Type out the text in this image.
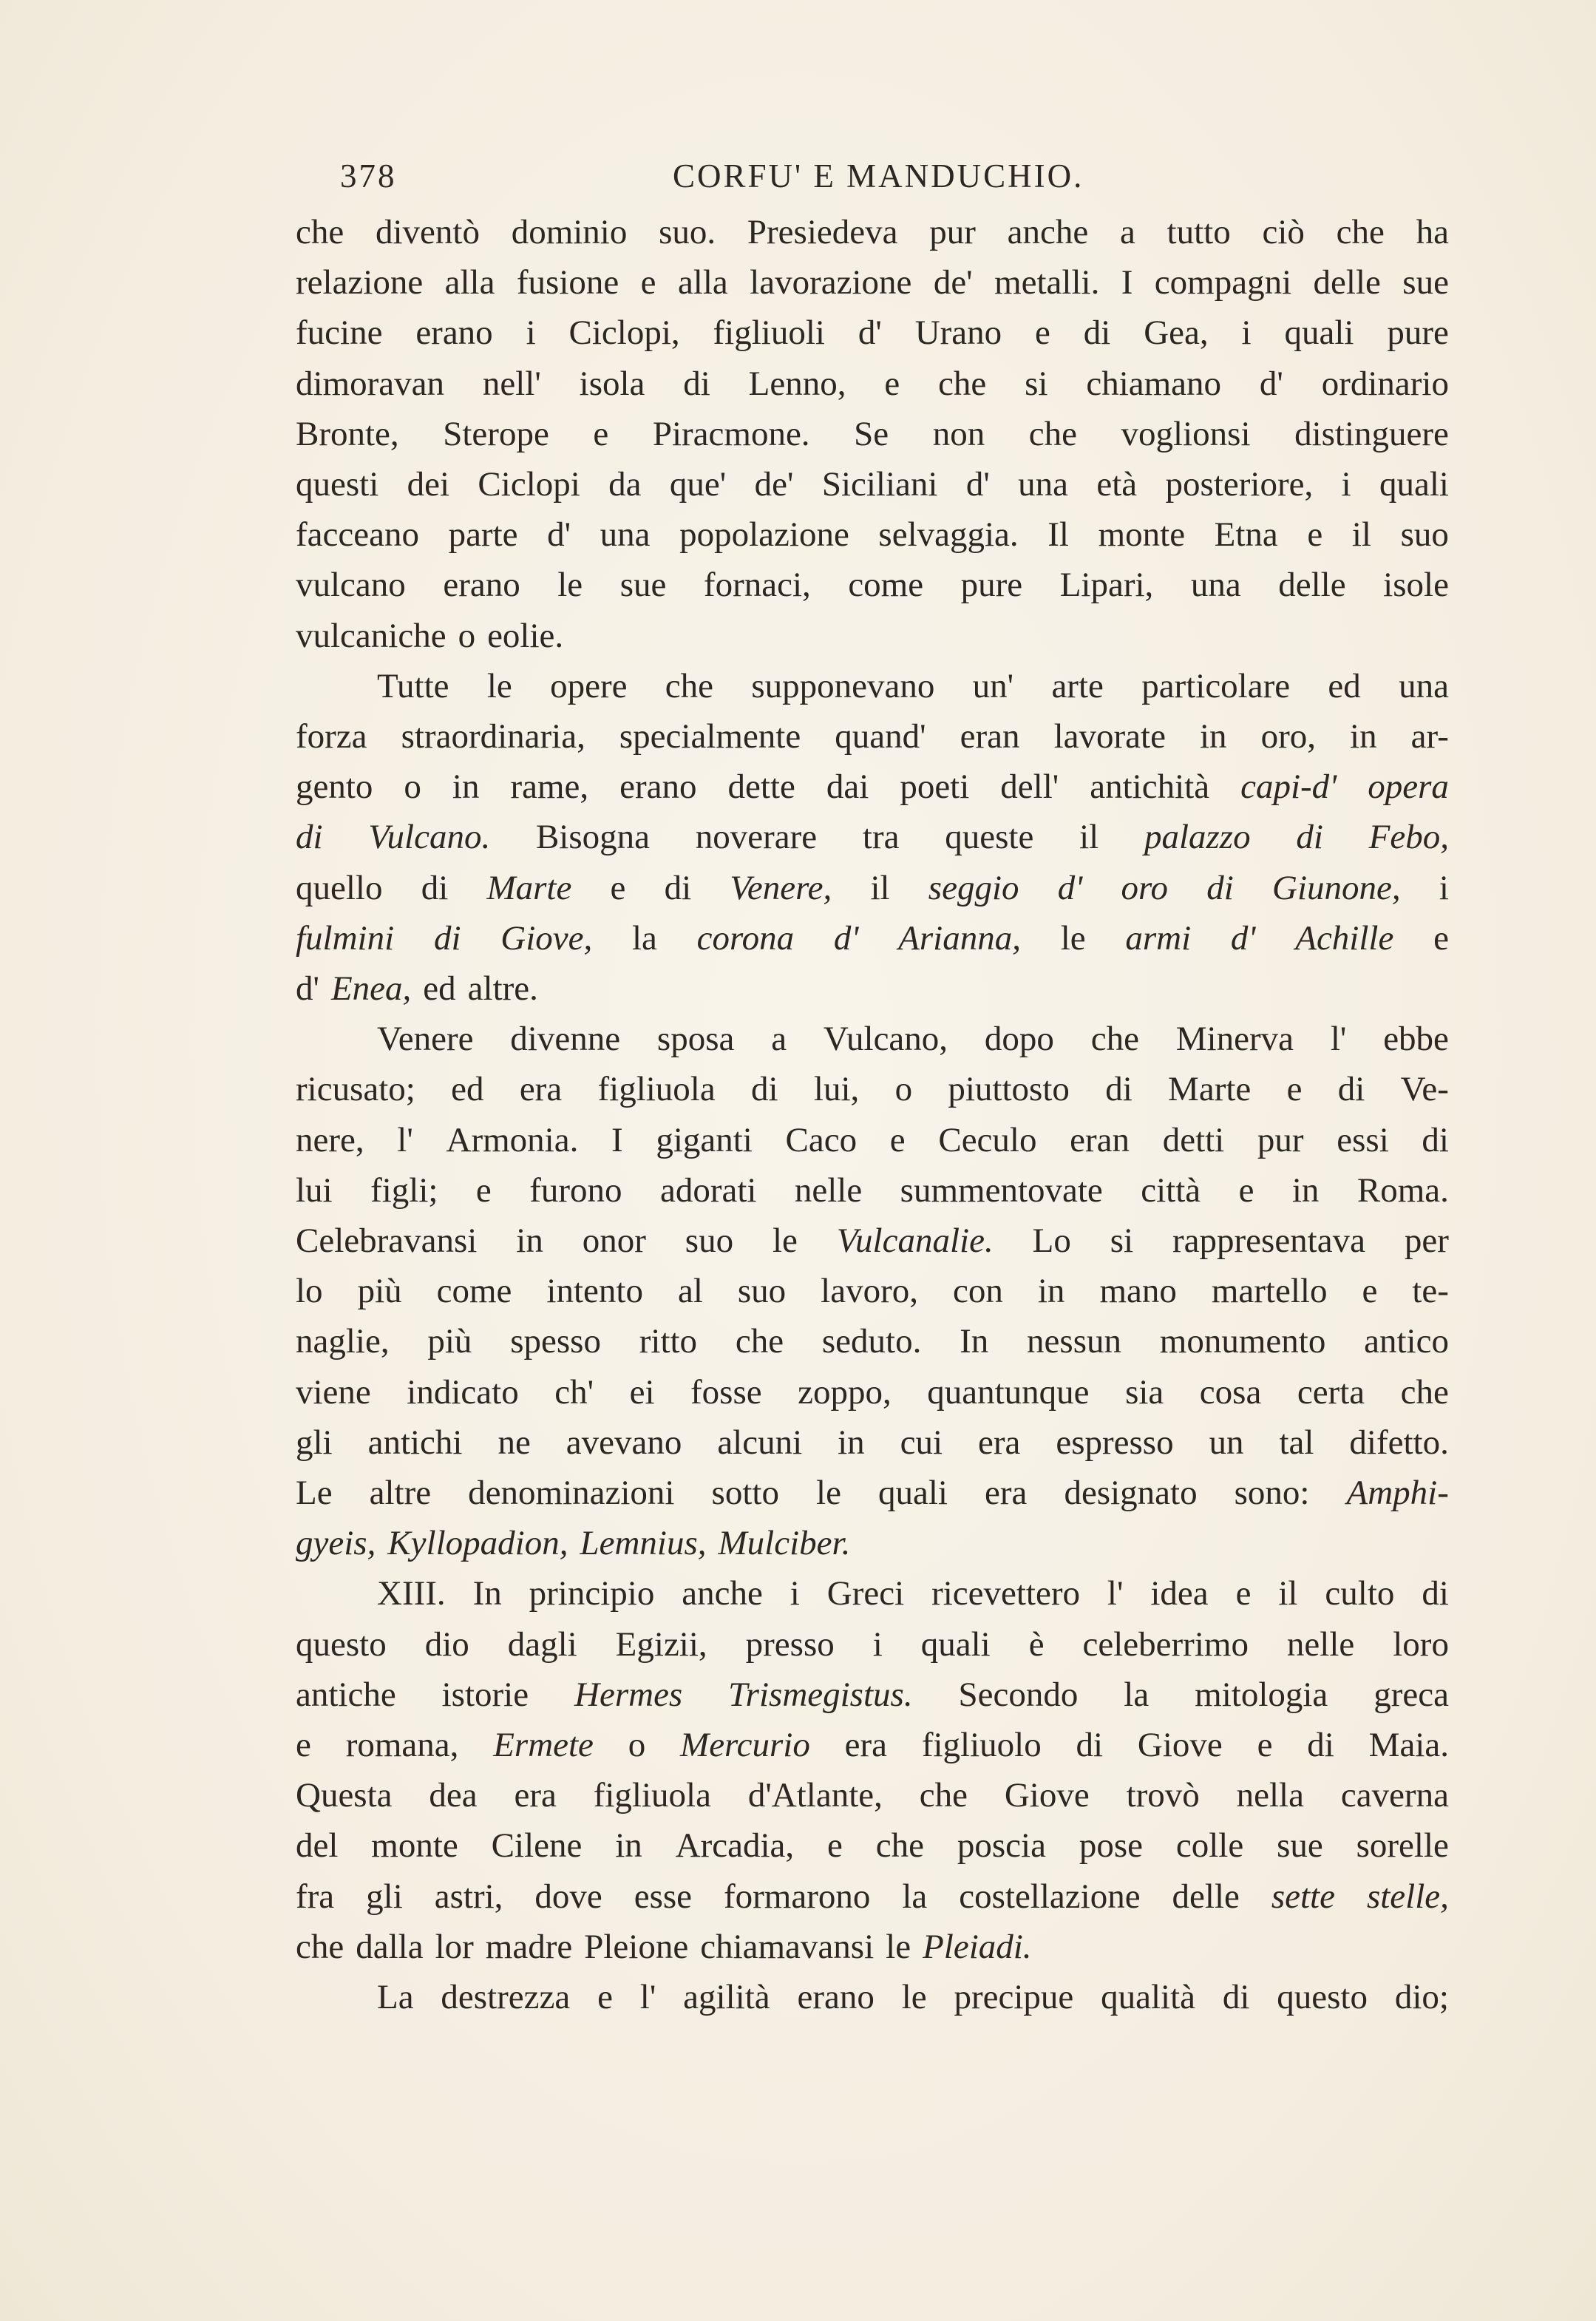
378	CORFU' E MANDUCHIO.
che diventò dominio suo. Presiedeva pur anche a tutto ciò che ha
relazione alla fusione e alla lavorazione de' metalli. I compagni delle sue
fucine erano i Ciclopi, figliuoli d' Urano e di Gea, i quali pure
dimoravan nell' isola di Lenno, e che si chiamano d' ordinario
Bronte, Sterope e Piracmone. Se non che voglionsi distinguere
questi dei Ciclopi da que' de' Siciliani d' una età posteriore, i quali
facceano parte d' una popolazione selvaggia. Il monte Etna e il suo
vulcano erano le sue fornaci, come pure Lipari, una delle isole
vulcaniche o eolie.
Tutte le opere che supponevano un' arte particolare ed una
forza straordinaria, specialmente quand' eran lavorate in oro, in ar-
gento o in rame, erano dette dai poeti dell' antichità capi-d' opera
di Vulcano. Bisogna noverare tra queste il palazzo di Febo,
quello di Marte e di Venere, il seggio d' oro di Giunone, i
fulmini di Giove, la corona d' Arianna, le armi d' Achille e
d' Enea, ed altre.
Venere divenne sposa a Vulcano, dopo che Minerva l' ebbe
ricusato; ed era figliuola di lui, o piuttosto di Marte e di Ve-
nere, l' Armonia. I giganti Caco e Ceculo eran detti pur essi di
lui figli; e furono adorati nelle summentovate città e in Roma.
Celebravansi in onor suo le Vulcanalie. Lo si rappresentava per
lo più come intento al suo lavoro, con in mano martello e te-
naglie, più spesso ritto che seduto. In nessun monumento antico
viene indicato ch' ei fosse zoppo, quantunque sia cosa certa che
gli antichi ne avevano alcuni in cui era espresso un tal difetto.
Le altre denominazioni sotto le quali era designato sono: Amphi-
gyeis, Kyllopadion, Lemnius, Mulciber.
XIII. In principio anche i Greci ricevettero l' idea e il culto di
questo dio dagli Egizii, presso i quali è celeberrimo nelle loro
antiche istorie Hermes Trismegistus. Secondo la mitologia greca
e romana, Ermete o Mercurio era figliuolo di Giove e di Maia.
Questa dea era figliuola d'Atlante, che Giove trovò nella caverna
del monte Cilene in Arcadia, e che poscia pose colle sue sorelle
fra gli astri, dove esse formarono la costellazione delle sette stelle,
che dalla lor madre Pleione chiamavansi le Pleiadi.
La destrezza e l' agilità erano le precipue qualità di questo dio;
